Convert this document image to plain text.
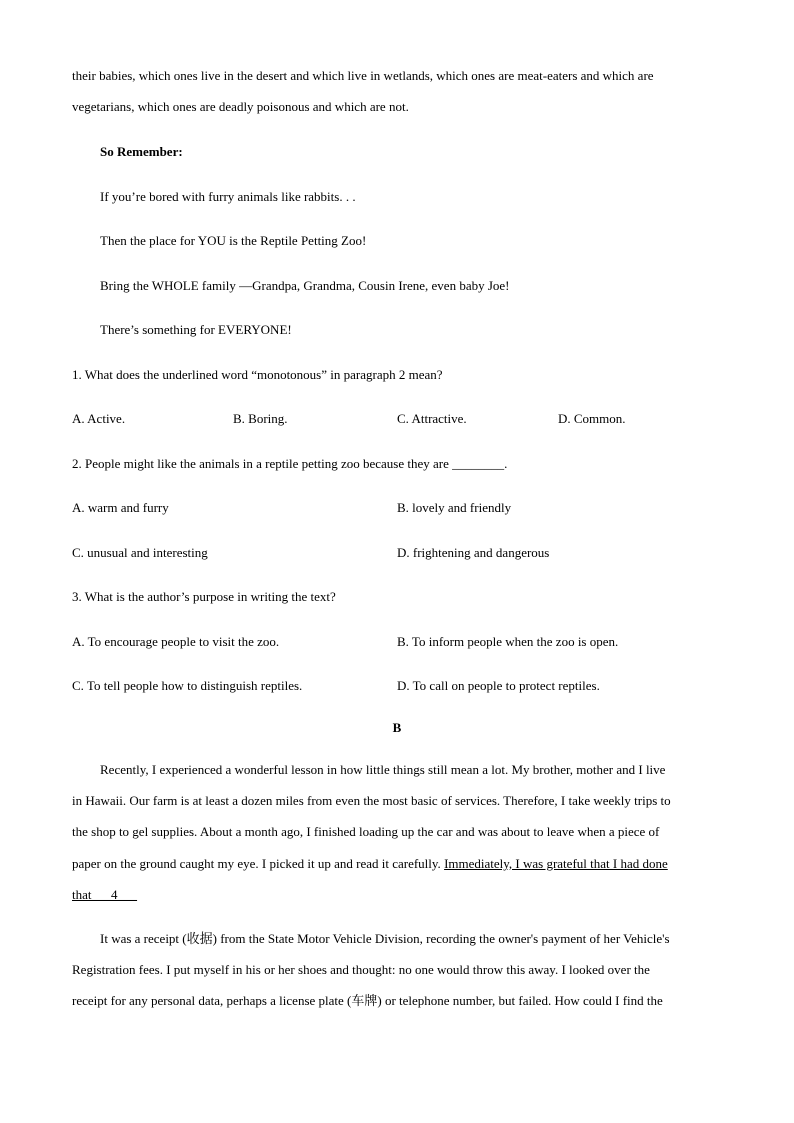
their babies, which ones live in the desert and which live in wetlands, which ones are meat-eaters and which are
vegetarians, which ones are deadly poisonous and which are not.
So Remember:
If you’re bored with furry animals like rabbits. . .
Then the place for YOU is the Reptile Petting Zoo!
Bring the WHOLE family —Grandpa, Grandma, Cousin Irene, even baby Joe!
There’s something for EVERYONE!
1. What does the underlined word “monotonous” in paragraph 2 mean?
A. Active.	B. Boring.	C. Attractive.	D. Common.
2. People might like the animals in a reptile petting zoo because they are ________.
A. warm and furry	B. lovely and friendly
C. unusual and interesting	D. frightening and dangerous
3. What is the author’s purpose in writing the text?
A. To encourage people to visit the zoo.	B. To inform people when the zoo is open.
C. To tell people how to distinguish reptiles.	D. To call on people to protect reptiles.
B
Recently, I experienced a wonderful lesson in how little things still mean a lot. My brother, mother and I live
in Hawaii. Our farm is at least a dozen miles from even the most basic of services. Therefore, I take weekly trips to
the shop to gel supplies. About a month ago, I finished loading up the car and was about to leave when a piece of
paper on the ground caught my eye. I picked it up and read it carefully. Immediately, I was grateful that I had done
that___4___
It was a receipt (收据) from the State Motor Vehicle Division, recording the owner's payment of her Vehicle's
Registration fees. I put myself in his or her shoes and thought: no one would throw this away. I looked over the
receipt for any personal data, perhaps a license plate (车牌) or telephone number, but failed. How could I find the
